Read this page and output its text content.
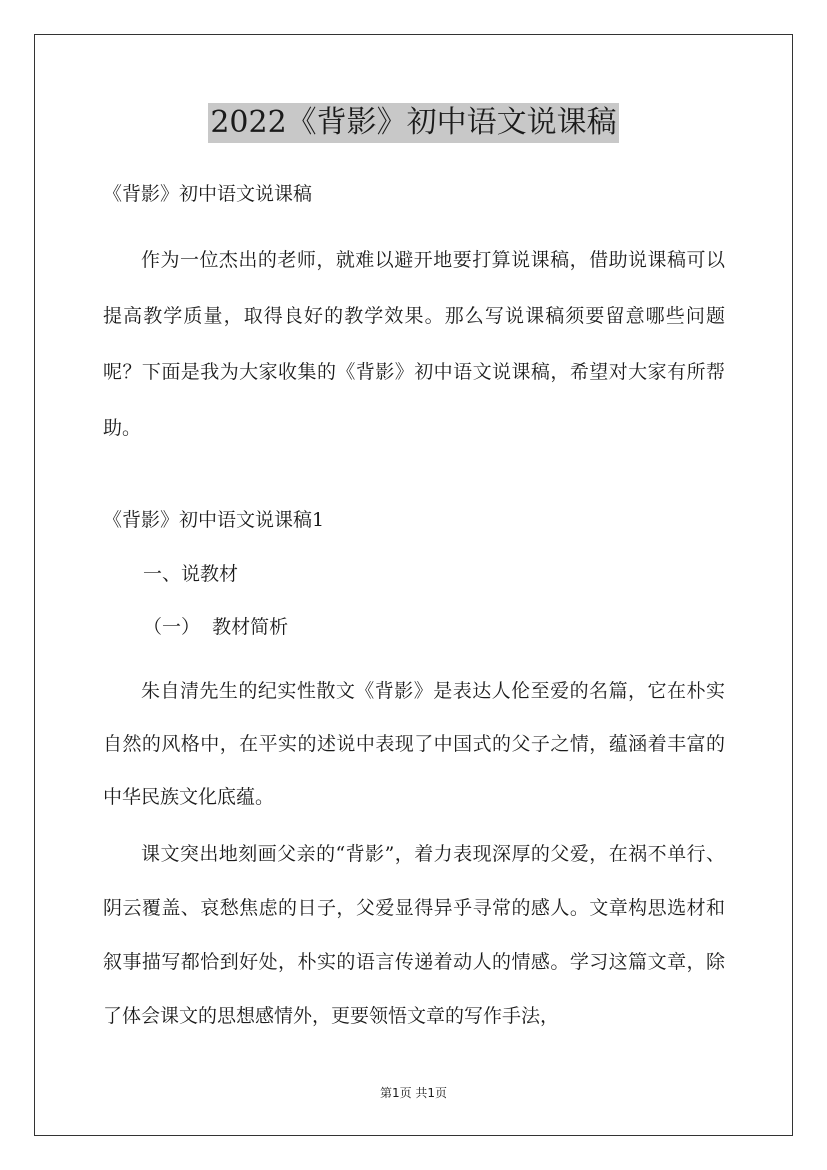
2022《背影》初中语文说课稿

《背影》初中语文说课稿

作为一位杰出的老师，就难以避开地要打算说课稿，借助说课稿可以提高教学质量，取得良好的教学效果。那么写说课稿须要留意哪些问题呢？下面是我为大家收集的《背影》初中语文说课稿，希望对大家有所帮助。

《背影》初中语文说课稿1

一、说教材

（一）  教材简析

朱自清先生的纪实性散文《背影》是表达人伦至爱的名篇，它在朴实自然的风格中，在平实的述说中表现了中国式的父子之情，蕴涵着丰富的中华民族文化底蕴。

课文突出地刻画父亲的“背影”，着力表现深厚的父爱，在祸不单行、阴云覆盖、哀愁焦虑的日子，父爱显得异乎寻常的感人。文章构思选材和叙事描写都恰到好处，朴实的语言传递着动人的情感。学习这篇文章，除了体会课文的思想感情外，更要领悟文章的写作手法，

第1页 共1页
